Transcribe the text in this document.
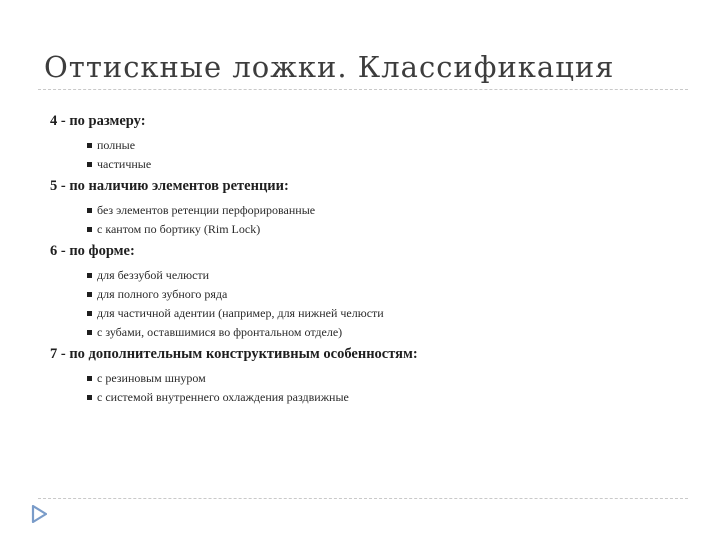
Оттискные ложки. Классификация
4 - по размеру:
полные
частичные
5 - по наличию элементов ретенции:
без элементов ретенции перфорированные
с кантом по бортику (Rim Lock)
6 - по форме:
для беззубой челюсти
для полного зубного ряда
для частичной адентии (например, для нижней челюсти
с зубами, оставшимися во фронтальном отделе)
7 - по дополнительным конструктивным особенностям:
с резиновым шнуром
с системой внутреннего охлаждения раздвижные
